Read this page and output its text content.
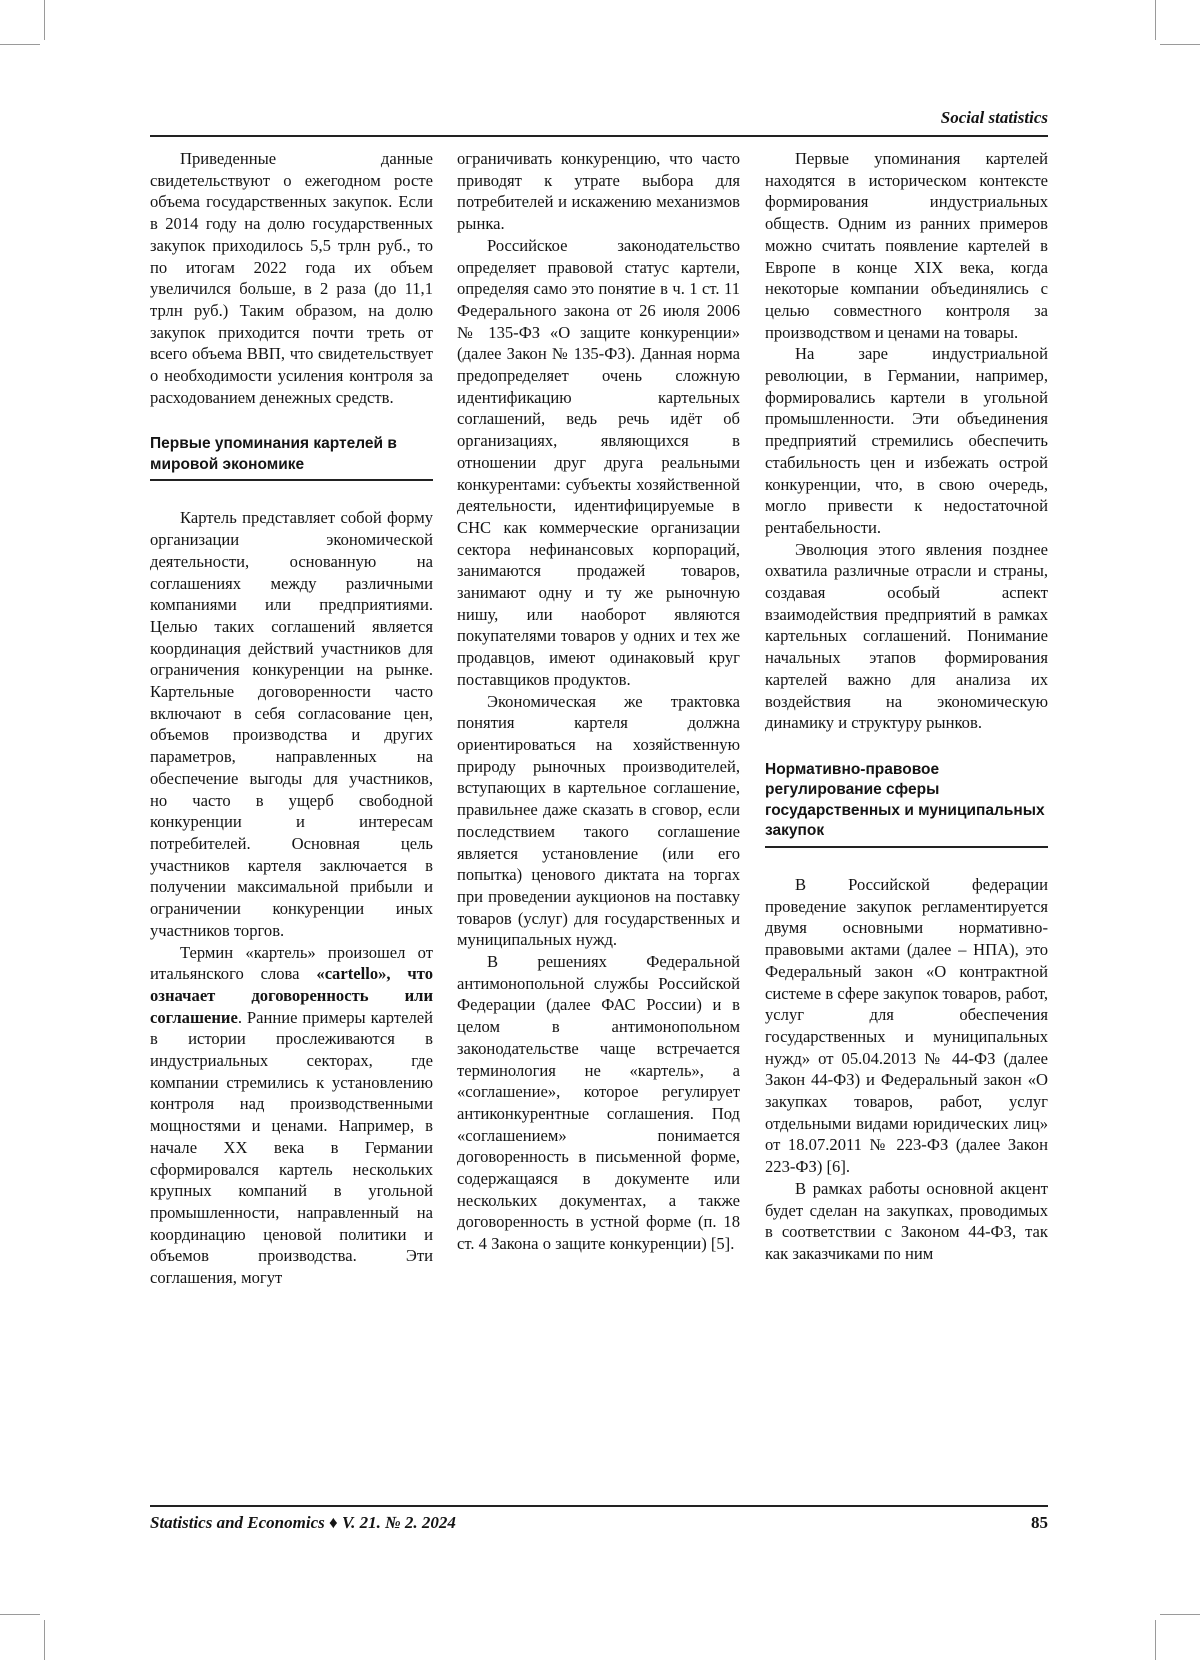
Social statistics

Приведенные данные свидетельствуют о ежегодном росте объема государственных закупок. Если в 2014 году на долю государственных закупок приходилось 5,5 трлн руб., то по итогам 2022 года их объем увеличился больше, в 2 раза (до 11,1 трлн руб.) Таким образом, на долю закупок приходится почти треть от всего объема ВВП, что свидетельствует о необходимости усиления контроля за расходованием денежных средств.

Первые упоминания картелей в мировой экономике

Картель представляет собой форму организации экономической деятельности, основанную на соглашениях между различными компаниями или предприятиями. Целью таких соглашений является координация действий участников для ограничения конкуренции на рынке. Картельные договоренности часто включают в себя согласование цен, объемов производства и других параметров, направленных на обеспечение выгоды для участников, но часто в ущерб свободной конкуренции и интересам потребителей. Основная цель участников картеля заключается в получении максимальной прибыли и ограничении конкуренции иных участников торгов.

Термин «картель» произошел от итальянского слова «cartello», что означает договоренность или соглашение. Ранние примеры картелей в истории прослеживаются в индустриальных секторах, где компании стремились к установлению контроля над производственными мощностями и ценами. Например, в начале XX века в Германии сформировался картель нескольких крупных компаний в угольной промышленности, направленный на координацию ценовой политики и объемов производства. Эти соглашения, могут

ограничивать конкуренцию, что часто приводят к утрате выбора для потребителей и искажению механизмов рынка.

Российское законодательство определяет правовой статус картели, определяя само это понятие в ч. 1 ст. 11 Федерального закона от 26 июля 2006 № 135-ФЗ «О защите конкуренции» (далее Закон № 135-ФЗ). Данная норма предопределяет очень сложную идентификацию картельных соглашений, ведь речь идёт об организациях, являющихся в отношении друг друга реальными конкурентами: субъекты хозяйственной деятельности, идентифицируемые в СНС как коммерческие организации сектора нефинансовых корпораций, занимаются продажей товаров, занимают одну и ту же рыночную нишу, или наоборот являются покупателями товаров у одних и тех же продавцов, имеют одинаковый круг поставщиков продуктов.

Экономическая же трактовка понятия картеля должна ориентироваться на хозяйственную природу рыночных производителей, вступающих в картельное соглашение, правильнее даже сказать в сговор, если последствием такого соглашение является установление (или его попытка) ценового диктата на торгах при проведении аукционов на поставку товаров (услуг) для государственных и муниципальных нужд.

В решениях Федеральной антимонопольной службы Российской Федерации (далее ФАС России) и в целом в антимонопольном законодательстве чаще встречается терминология не «картель», а «соглашение», которое регулирует антиконкурентные соглашения. Под «соглашением» понимается договоренность в письменной форме, содержащаяся в документе или нескольких документах, а также договоренность в устной форме (п. 18 ст. 4 Закона о защите конкуренции) [5].

Первые упоминания картелей находятся в историческом контексте формирования индустриальных обществ. Одним из ранних примеров можно считать появление картелей в Европе в конце XIX века, когда некоторые компании объединялись с целью совместного контроля за производством и ценами на товары.

На заре индустриальной революции, в Германии, например, формировались картели в угольной промышленности. Эти объединения предприятий стремились обеспечить стабильность цен и избежать острой конкуренции, что, в свою очередь, могло привести к недостаточной рентабельности.

Эволюция этого явления позднее охватила различные отрасли и страны, создавая особый аспект взаимодействия предприятий в рамках картельных соглашений. Понимание начальных этапов формирования картелей важно для анализа их воздействия на экономическую динамику и структуру рынков.

Нормативно-правовое регулирование сферы государственных и муниципальных закупок

В Российской федерации проведение закупок регламентируется двумя основными нормативно-правовыми актами (далее – НПА), это Федеральный закон «О контрактной системе в сфере закупок товаров, работ, услуг для обеспечения государственных и муниципальных нужд» от 05.04.2013 № 44-ФЗ (далее Закон 44-ФЗ) и Федеральный закон «О закупках товаров, работ, услуг отдельными видами юридических лиц» от 18.07.2011 № 223-ФЗ (далее Закон 223-ФЗ) [6].

В рамках работы основной акцент будет сделан на закупках, проводимых в соответствии с Законом 44-ФЗ, так как заказчиками по ним

Statistics and Economics ♦ V. 21. № 2. 2024	85
